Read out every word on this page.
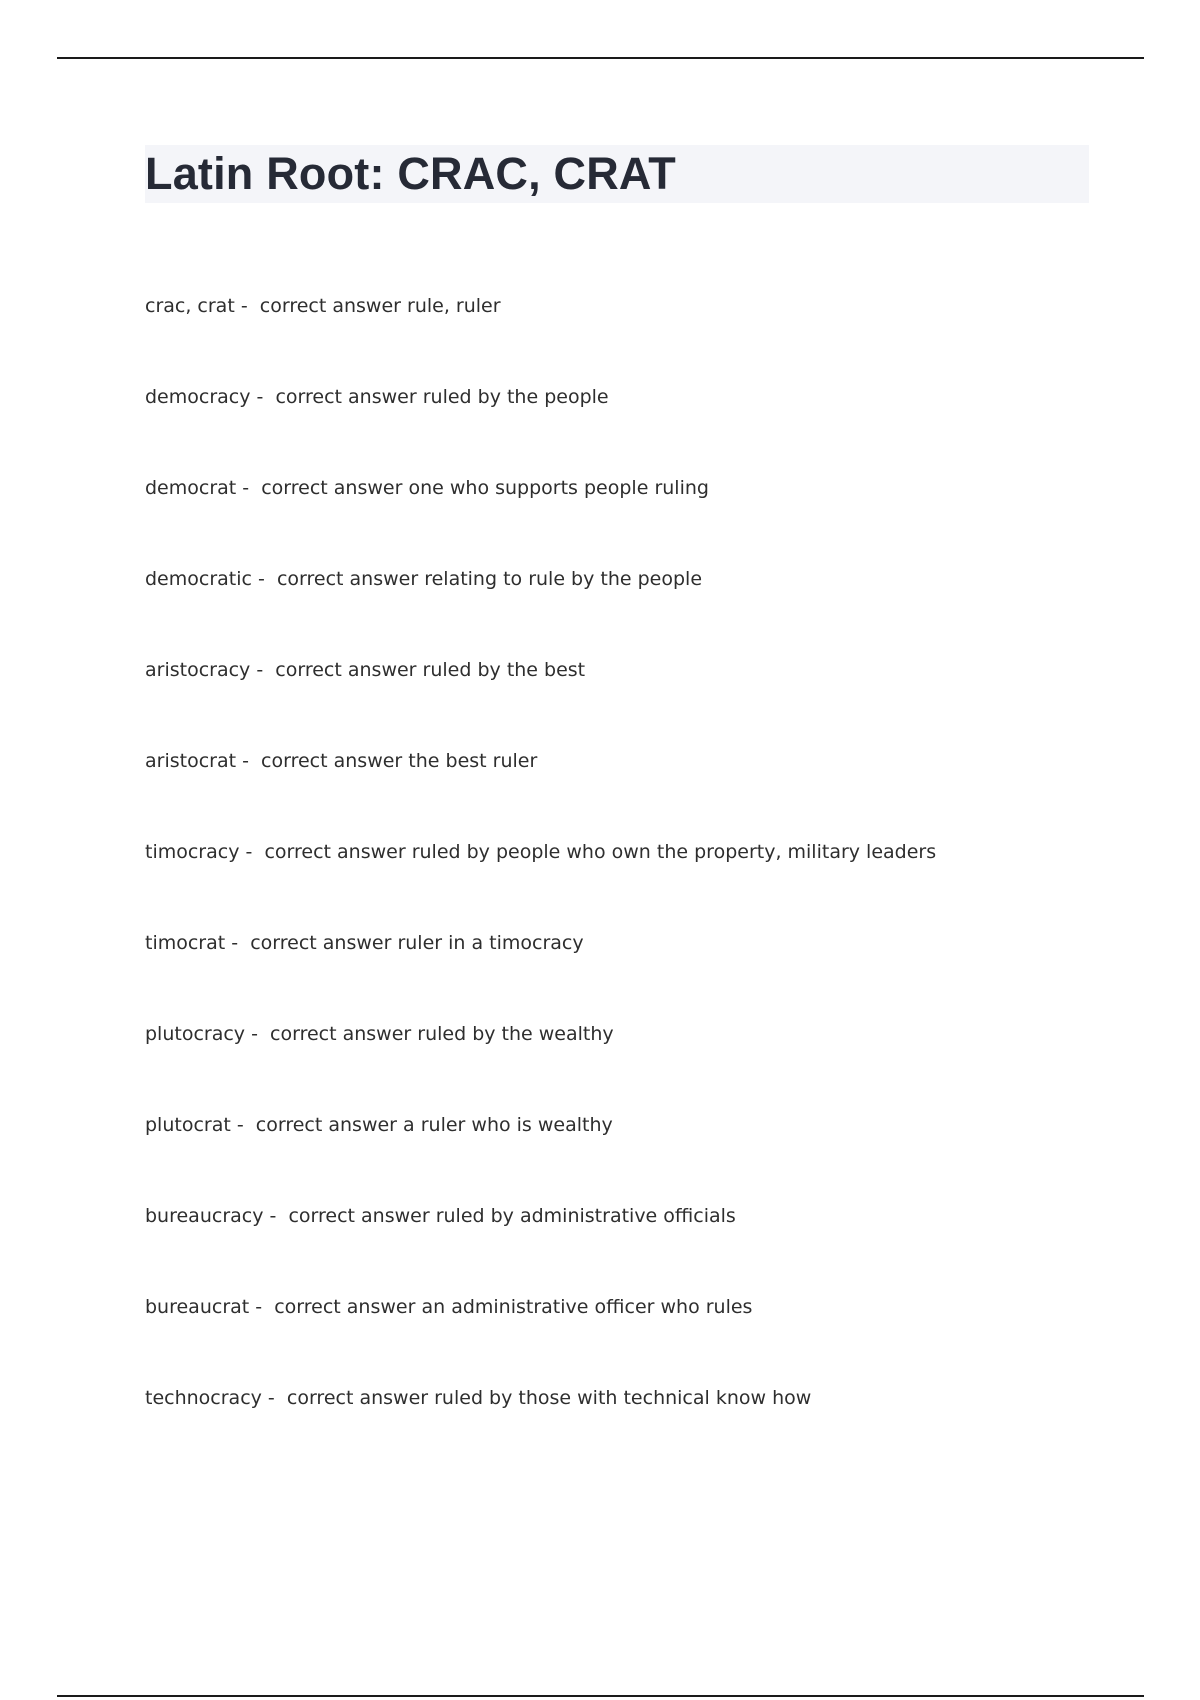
Latin Root: CRAC, CRAT
crac, crat -  correct answer rule, ruler
democracy -  correct answer ruled by the people
democrat -  correct answer one who supports people ruling
democratic -  correct answer relating to rule by the people
aristocracy -  correct answer ruled by the best
aristocrat -  correct answer the best ruler
timocracy -  correct answer ruled by people who own the property, military leaders
timocrat -  correct answer ruler in a timocracy
plutocracy -  correct answer ruled by the wealthy
plutocrat -  correct answer a ruler who is wealthy
bureaucracy -  correct answer ruled by administrative officials
bureaucrat -  correct answer an administrative officer who rules
technocracy -  correct answer ruled by those with technical know how
